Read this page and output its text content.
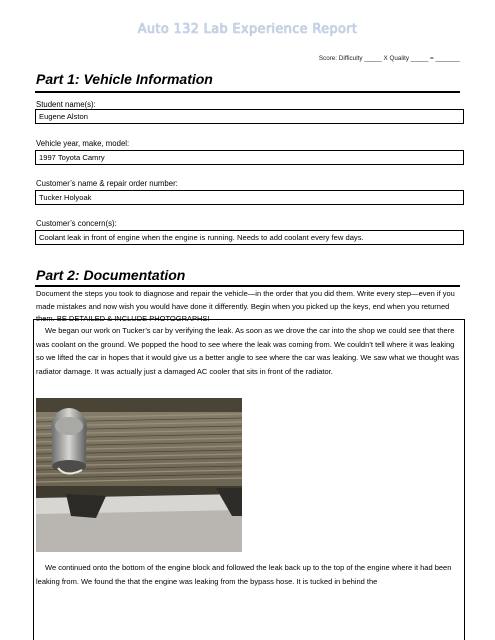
Auto 132 Lab Experience Report
Score: Difficulty _____ X Quality _____ = _______
Part 1: Vehicle Information
Student name(s):
Eugene Alston
Vehicle year, make, model:
1997 Toyota Camry
Customer’s name & repair order number:
Tucker Holyoak
Customer’s concern(s):
Coolant leak in front of engine when the engine is running. Needs to add coolant every few days.
Part 2: Documentation
Document the steps you took to diagnose and repair the vehicle—in the order that you did them. Write every step—even if you made mistakes and now wish you would have done it differently. Begin when you picked up the keys, end when you returned them. BE DETAILED & INCLUDE PHOTOGRAPHS!
We began our work on Tucker’s car by verifying the leak. As soon as we drove the car into the shop we could see that there was coolant on the ground. We popped the hood to see where the leak was coming from. We couldn’t tell where it was leaking so we lifted the car in hopes that it would give us a better angle to see where the car was leaking. We saw what we thought was radiator damage. It was actually just a damaged AC cooler that sits in front of the radiator.
We continued onto the bottom of the engine block and followed the leak back up to the top of the engine where it had been leaking from. We found the that the engine was leaking from the bypass hose. It is tucked in behind the
